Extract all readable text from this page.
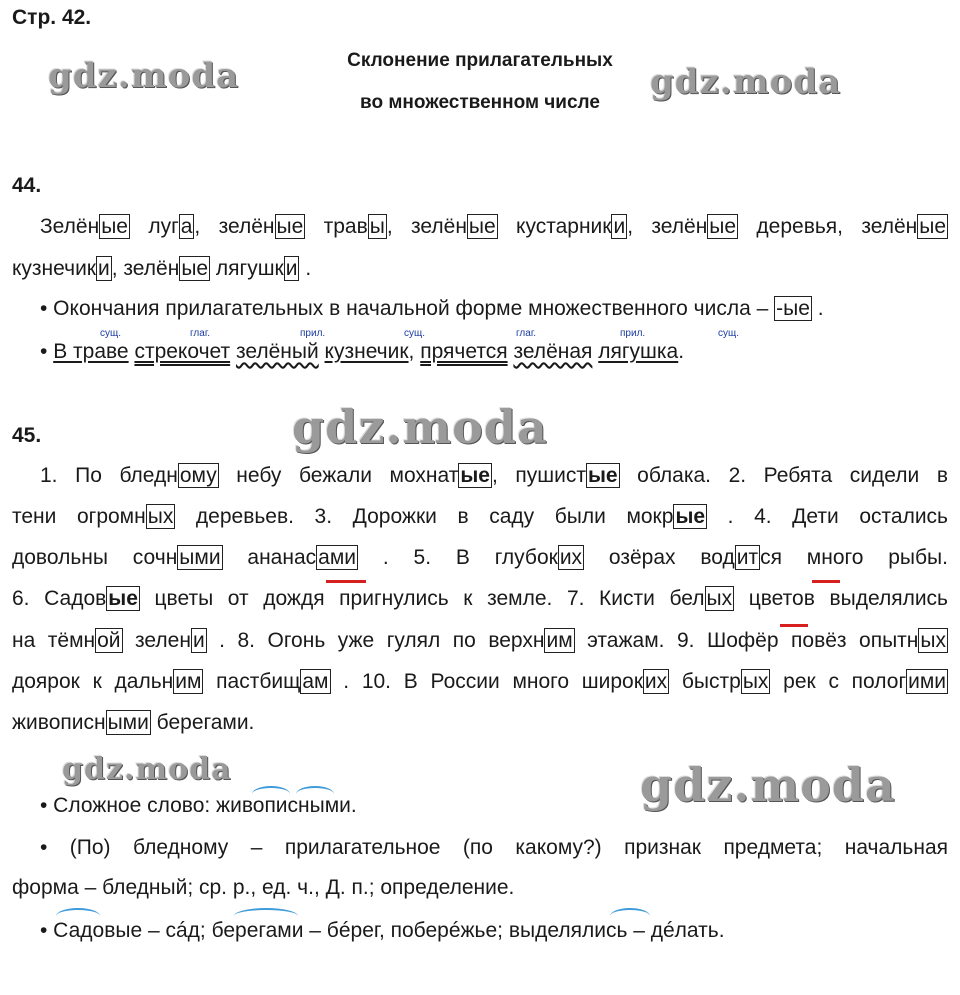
Стр. 42.
Склонение прилагательных
во множественном числе
gdz.moda	gdz.moda
gdz.moda
gdz.moda	gdz.moda
44.
Зелёные луга, зелёные травы, зелёные кустарники, зелёные деревья, зелёные
кузнечики, зелёные лягушки .
• Окончания прилагательных в начальной форме множественного числа – -ые .
сущ.	глаг.	прил.	сущ.	глаг.	прил.	сущ.
• В траве стрекочет зелёный кузнечик, прячется зелёная лягушка.
45.
1. По бледному небу бежали мохнатые, пушистые облака. 2. Ребята сидели в
тени огромных деревьев. 3. Дорожки в саду были мокрые . 4. Дети остались
довольны сочными ананасами . 5. В глубоких озёрах водится много рыбы.
6. Садовые цветы от дождя пригнулись к земле. 7. Кисти белых цветов выделялись
на тёмной зелени . 8. Огонь уже гулял по верхним этажам. 9. Шофёр повёз опытных
доярок к дальним пастбищам . 10. В России много широких быстрых рек с пологими
живописными берегами.
• Сложное слово: живописными.
• (По) бледному – прилагательное (по какому?) признак предмета; начальная
форма – бледный; ср. р., ед. ч., Д. п.; определение.
• Садовые – сáд; берегами – бéрег, поберéжье; выделялись – дéлать.
